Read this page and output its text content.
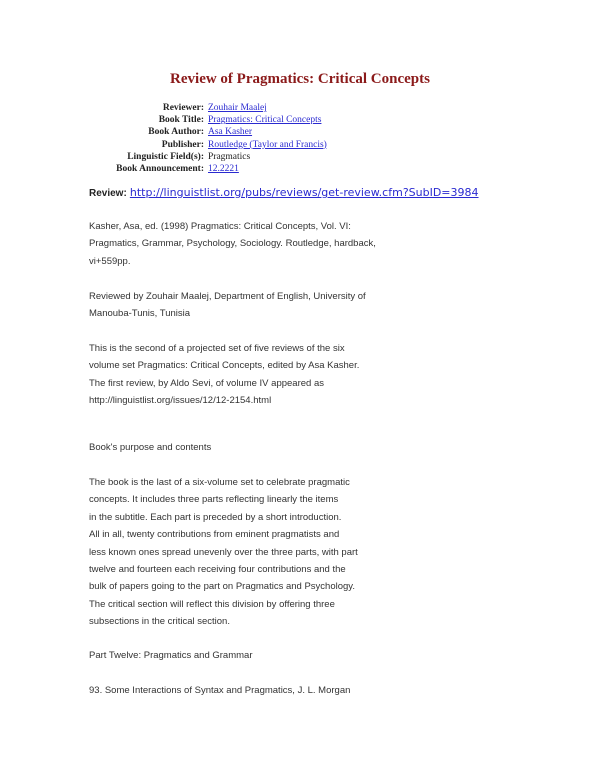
Review of Pragmatics: Critical Concepts
Reviewer: Zouhair Maalej
Book Title: Pragmatics: Critical Concepts
Book Author: Asa Kasher
Publisher: Routledge (Taylor and Francis)
Linguistic Field(s): Pragmatics
Book Announcement: 12.2221
Review: http://linguistlist.org/pubs/reviews/get-review.cfm?SubID=3984
Kasher, Asa, ed. (1998) Pragmatics: Critical Concepts, Vol. VI:
Pragmatics, Grammar, Psychology, Sociology. Routledge, hardback,
vi+559pp.
Reviewed by Zouhair Maalej, Department of English, University of
Manouba-Tunis, Tunisia
This is the second of a projected set of five reviews of the six
volume set Pragmatics: Critical Concepts, edited by Asa Kasher.
The first review, by Aldo Sevi, of volume IV appeared as
http://linguistlist.org/issues/12/12-2154.html
Book's purpose and contents
The book is the last of a six-volume set to celebrate pragmatic
concepts. It includes three parts reflecting linearly the items
in the subtitle. Each part is preceded by a short introduction.
All in all, twenty contributions from eminent pragmatists and
less known ones spread unevenly over the three parts, with part
twelve and fourteen each receiving four contributions and the
bulk of papers going to the part on Pragmatics and Psychology.
The critical section will reflect this division by offering three
subsections in the critical section.
Part Twelve: Pragmatics and Grammar
93. Some Interactions of Syntax and Pragmatics, J. L. Morgan
